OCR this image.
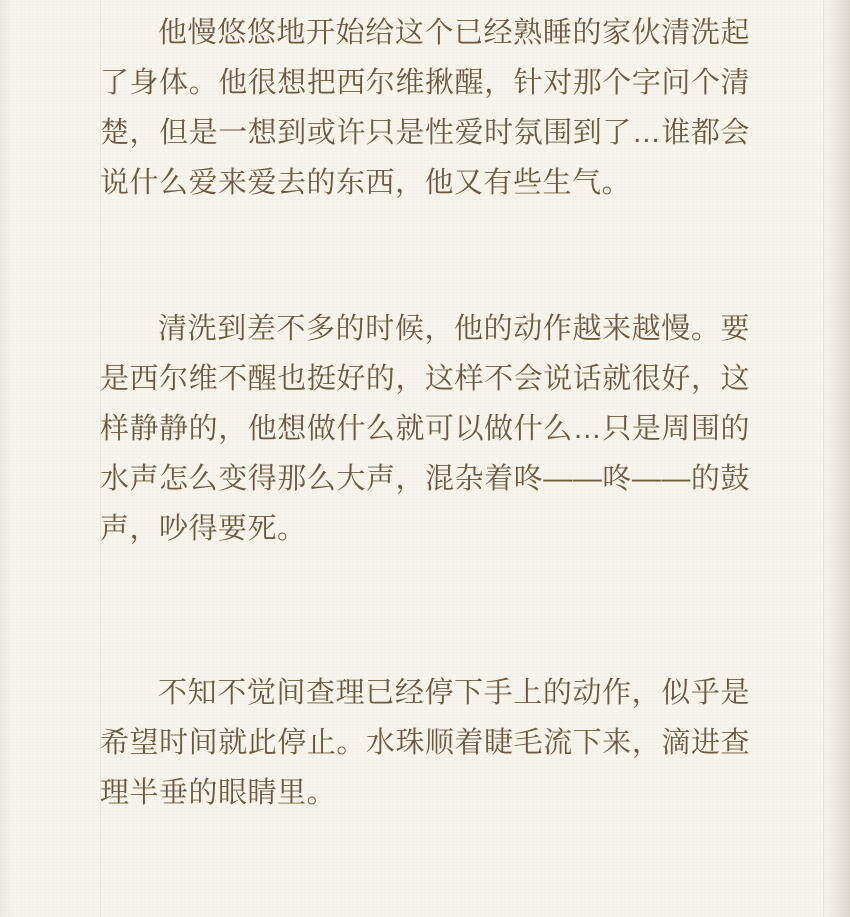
他慢悠悠地开始给这个已经熟睡的家伙清洗起了身体。他很想把西尔维揪醒，针对那个字问个清楚，但是一想到或许只是性爱时氛围到了…谁都会说什么爱来爱去的东西，他又有些生气。

清洗到差不多的时候，他的动作越来越慢。要是西尔维不醒也挺好的，这样不会说话就很好，这样静静的，他想做什么就可以做什么…只是周围的水声怎么变得那么大声，混杂着咚——咚——的鼓声，吵得要死。

不知不觉间查理已经停下手上的动作，似乎是希望时间就此停止。水珠顺着睫毛流下来，滴进查理半垂的眼睛里。
